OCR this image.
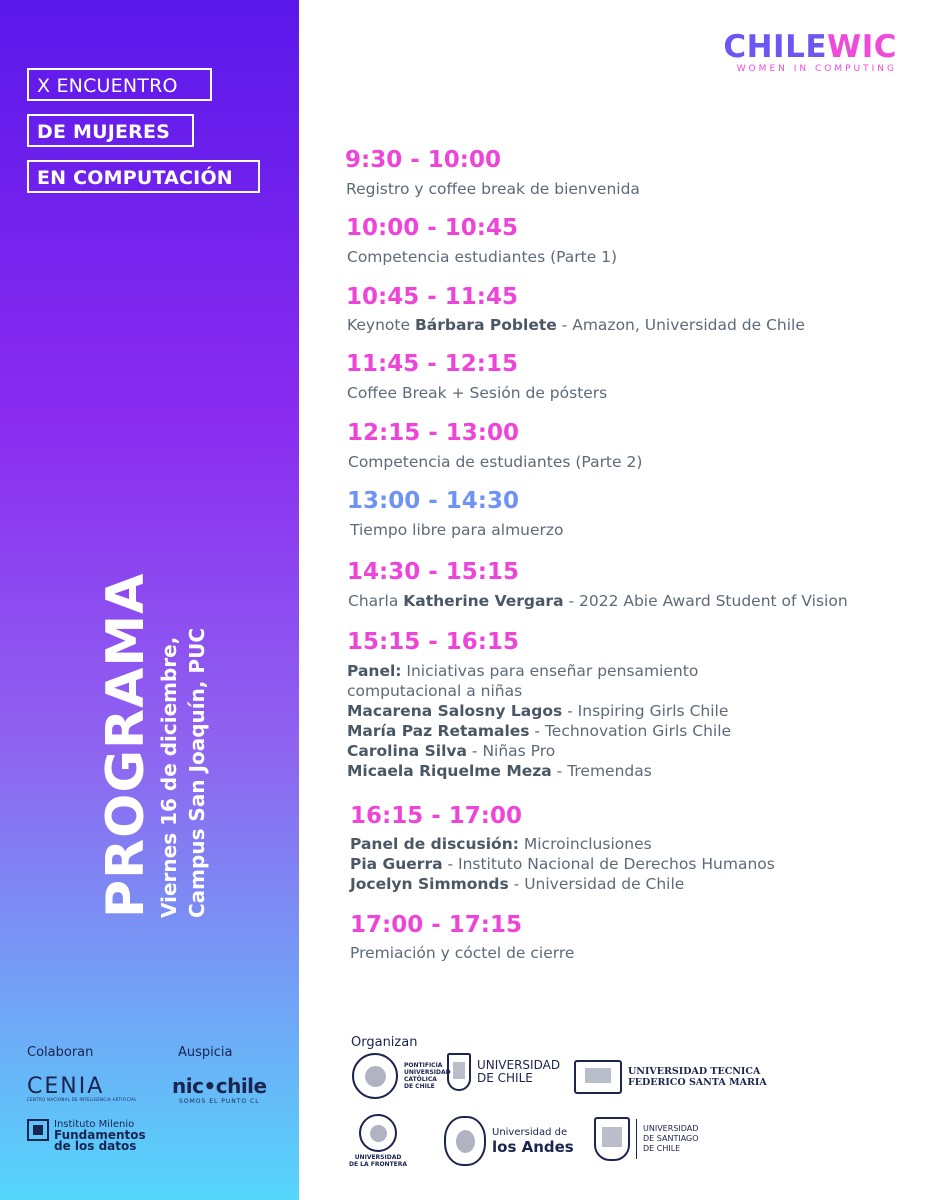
X ENCUENTRO
DE MUJERES
EN COMPUTACIÓN
PROGRAMA Viernes 16 de diciembre, Campus San Joaquín, PUC
Colaboran	Auspicia
CENIA
CENTRO NACIONAL DE INTELIGENCIA ARTIFICIAL
Instituto Milenio
Fundamentos
de los datos
nic•chile
SOMOS EL PUNTO CL
CHILEWIC
WOMEN IN COMPUTING
9:30 - 10:00
Registro y coffee break de bienvenida
10:00 - 10:45
Competencia estudiantes (Parte 1)
10:45 - 11:45
Keynote Bárbara Poblete - Amazon, Universidad de Chile
11:45 - 12:15
Coffee Break + Sesión de pósters
12:15 - 13:00
Competencia de estudiantes (Parte 2)
13:00 - 14:30
Tiempo libre para almuerzo
14:30 - 15:15
Charla Katherine Vergara - 2022 Abie Award Student of Vision
15:15 - 16:15
Panel: Iniciativas para enseñar pensamiento
computacional a niñas
Macarena Salosny Lagos - Inspiring Girls Chile
María Paz Retamales - Technovation Girls Chile
Carolina Silva - Niñas Pro
Micaela Riquelme Meza - Tremendas
16:15 - 17:00
Panel de discusión: Microinclusiones
Pia Guerra - Instituto Nacional de Derechos Humanos
Jocelyn Simmonds - Universidad de Chile
17:00 - 17:15
Premiación y cóctel de cierre
Organizan
PONTIFICIA
UNIVERSIDAD
CATÓLICA
DE CHILE
UNIVERSIDAD
DE CHILE	UNIVERSIDAD TECNICA
FEDERICO SANTA MARIA
UNIVERSIDAD
DE LA FRONTERA
Universidad de
los Andes
UNIVERSIDAD
DE SANTIAGO
DE CHILE
